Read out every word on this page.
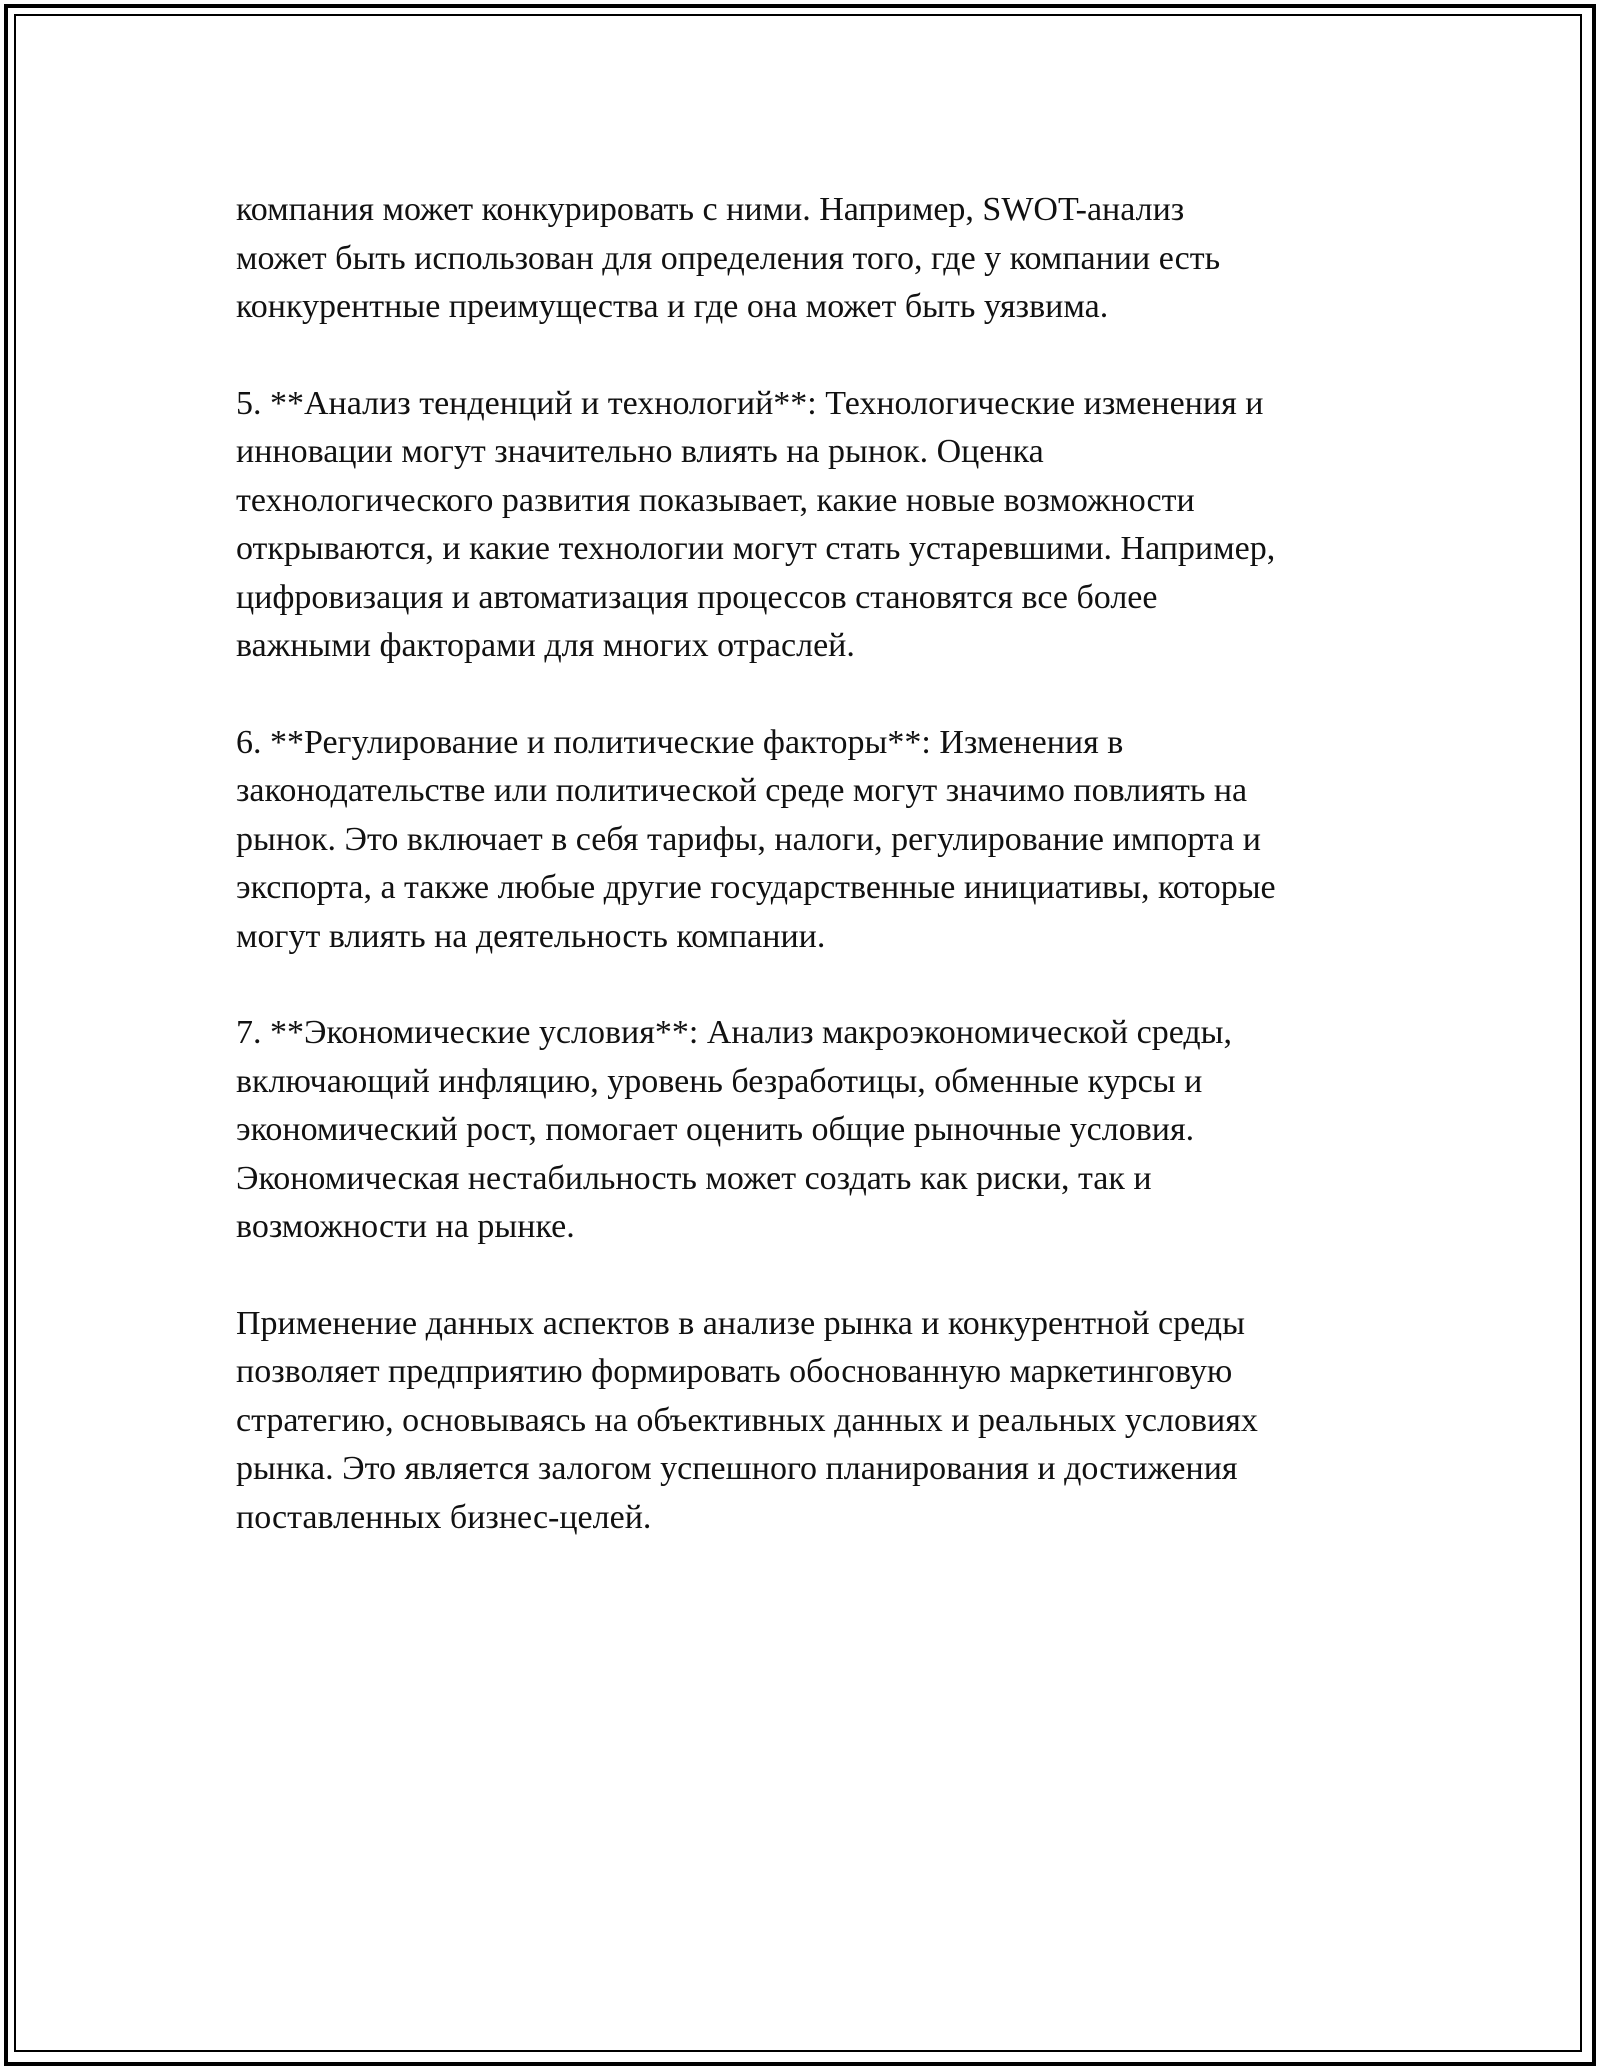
компания может конкурировать с ними. Например, SWOT-анализ
может быть использован для определения того, где у компании есть
конкурентные преимущества и где она может быть уязвима.

5. **Анализ тенденций и технологий**: Технологические изменения и
инновации могут значительно влиять на рынок. Оценка
технологического развития показывает, какие новые возможности
открываются, и какие технологии могут стать устаревшими. Например,
цифровизация и автоматизация процессов становятся все более
важными факторами для многих отраслей.

6. **Регулирование и политические факторы**: Изменения в
законодательстве или политической среде могут значимо повлиять на
рынок. Это включает в себя тарифы, налоги, регулирование импорта и
экспорта, а также любые другие государственные инициативы, которые
могут влиять на деятельность компании.

7. **Экономические условия**: Анализ макроэкономической среды,
включающий инфляцию, уровень безработицы, обменные курсы и
экономический рост, помогает оценить общие рыночные условия.
Экономическая нестабильность может создать как риски, так и
возможности на рынке.

Применение данных аспектов в анализе рынка и конкурентной среды
позволяет предприятию формировать обоснованную маркетинговую
стратегию, основываясь на объективных данных и реальных условиях
рынка. Это является залогом успешного планирования и достижения
поставленных бизнес-целей.
